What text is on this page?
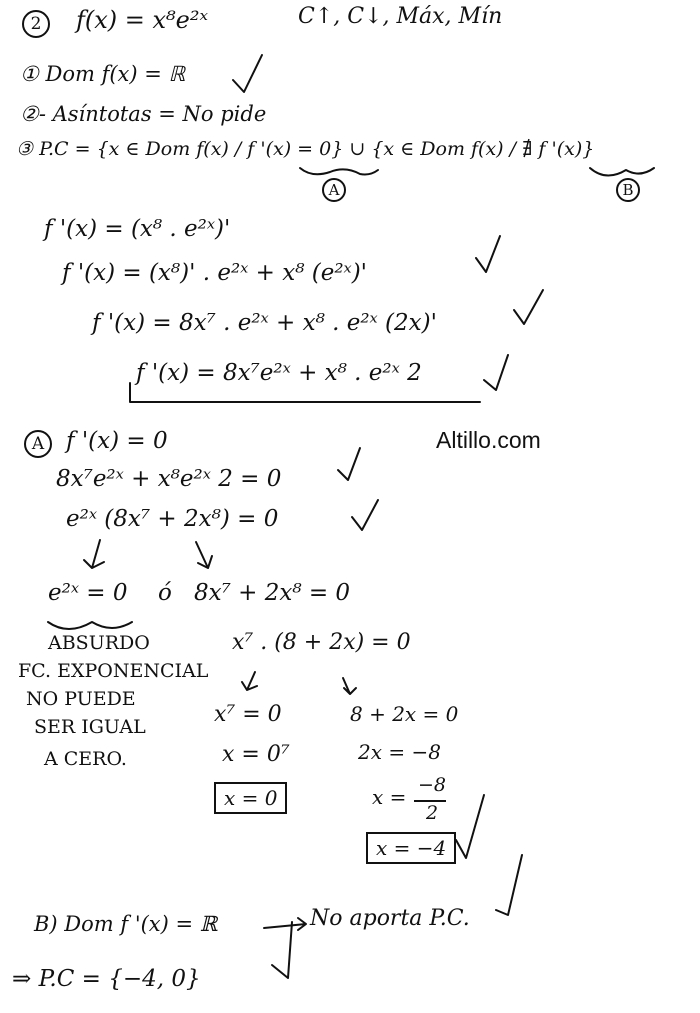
2	f(x) = x⁸e²ˣ	C↑, C↓, Máx, Mín
① Dom f(x) = ℝ
②- Asíntotas = No pide
③ P.C = {x ∈ Dom f(x) / f '(x) = 0} ∪ {x ∈ Dom f(x) / ∄ f '(x)}
A	B
f '(x) = (x⁸ . e²ˣ)'
f '(x) = (x⁸)' . e²ˣ + x⁸ (e²ˣ)'
f '(x) = 8x⁷ . e²ˣ + x⁸ . e²ˣ (2x)'
f '(x) = 8x⁷e²ˣ + x⁸ . e²ˣ 2
Altillo.com
A f '(x) = 0
8x⁷e²ˣ + x⁸e²ˣ 2 = 0
e²ˣ (8x⁷ + 2x⁸) = 0
e²ˣ = 0 ó 8x⁷ + 2x⁸ = 0
ABSURDO
FC. EXPONENCIAL
NO PUEDE
SER IGUAL
A CERO.
x⁷ . (8 + 2x) = 0
x⁷ = 0
x = 0⁷
x = 0
8 + 2x = 0
2x = −8
x = −8
2
x = −4
B) Dom f '(x) = ℝ	No aporta P.C.
⇒ P.C = {−4, 0}
